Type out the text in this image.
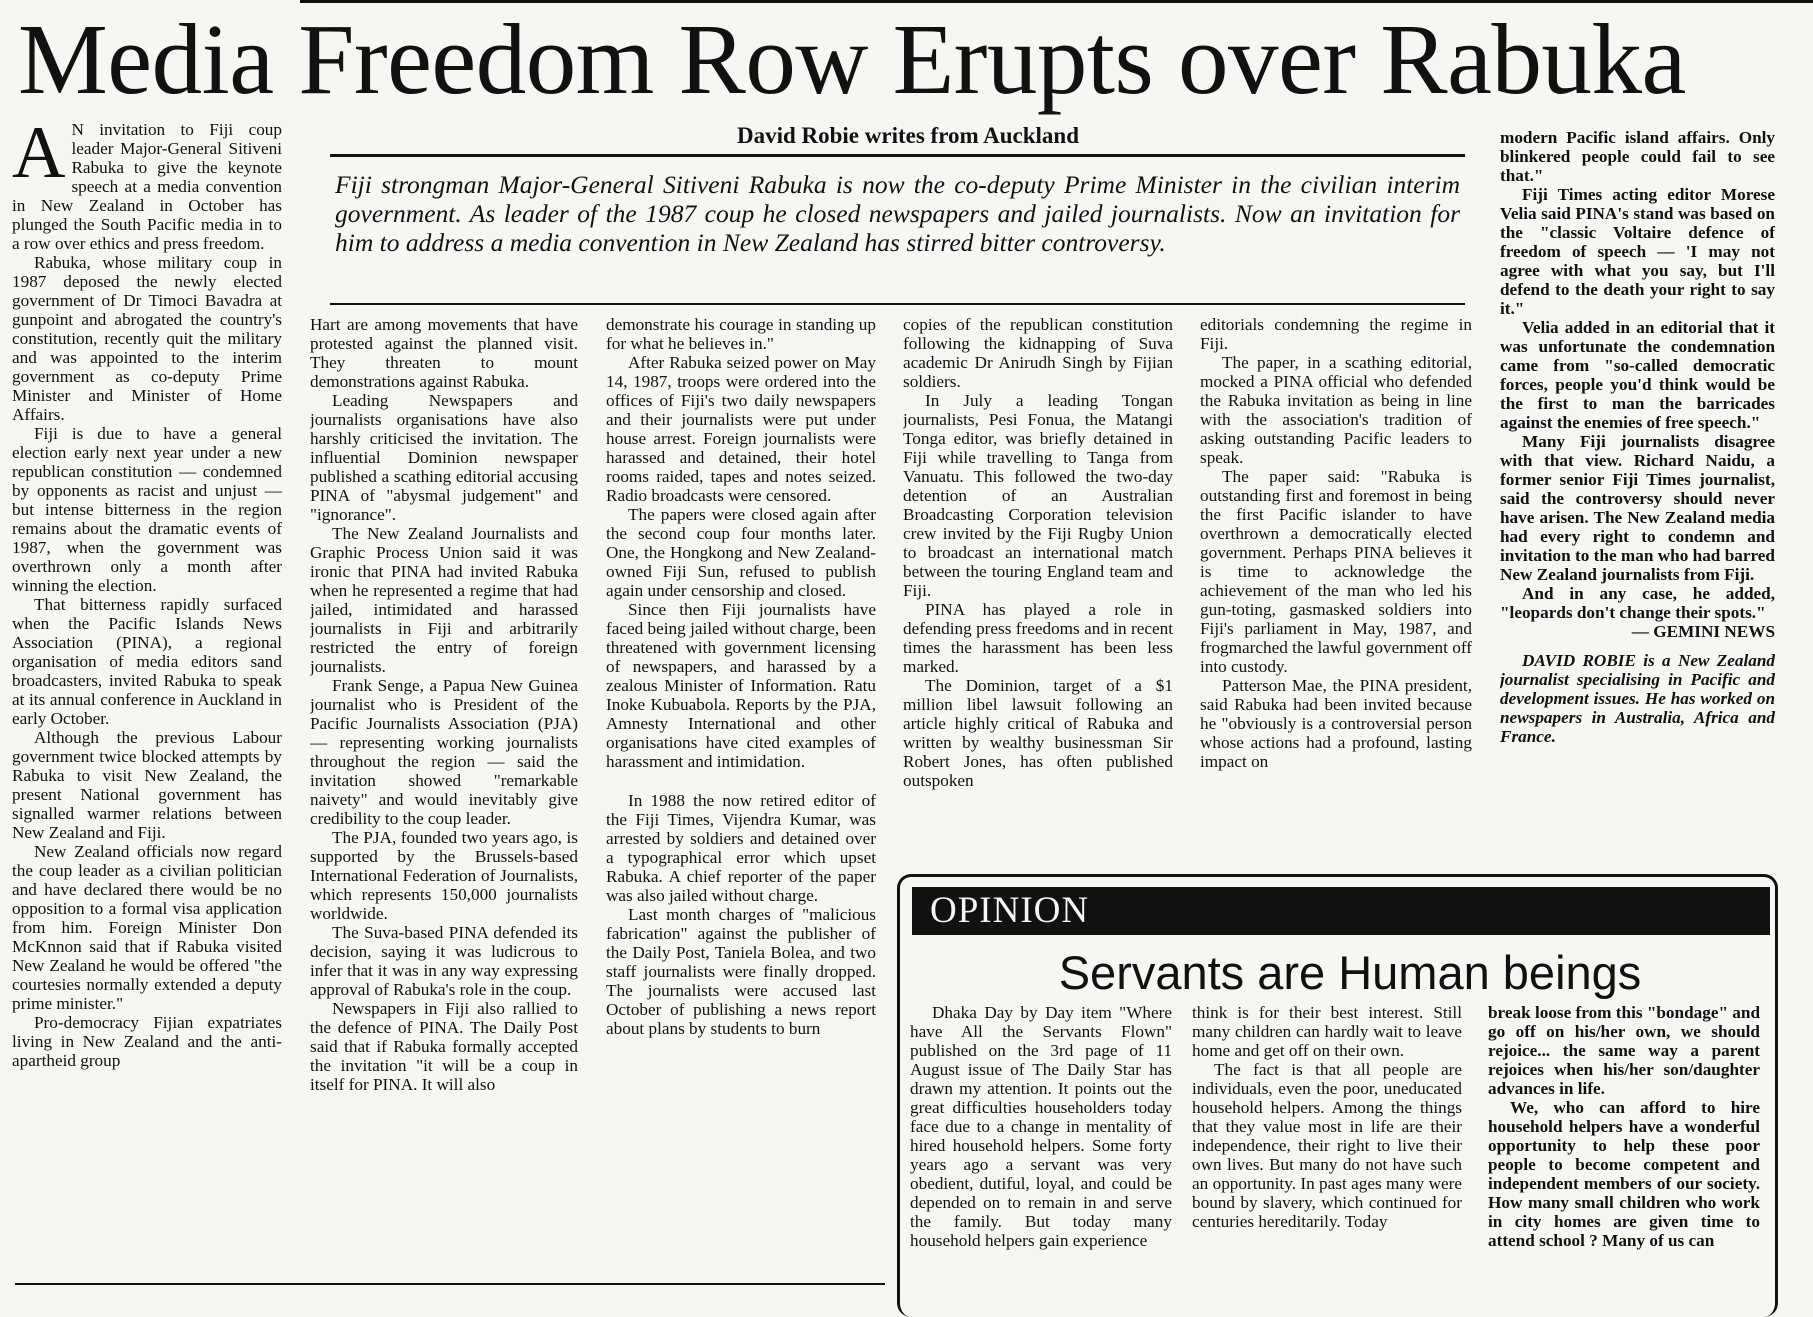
Media Freedom Row Erupts over Rabuka
David Robie writes from Auckland
Fiji strongman Major-General Sitiveni Rabuka is now the co-deputy Prime Minister in the civilian interim government. As leader of the 1987 coup he closed newspapers and jailed journalists. Now an invitation for him to address a media convention in New Zealand has stirred bitter controversy.
A N invitation to Fiji coup leader Major-General Sitiveni Rabuka to give the keynote speech at a media convention in New Zealand in October has plunged the South Pacific media in to a row over ethics and press freedom.

Rabuka, whose military coup in 1987 deposed the newly elected government of Dr Timoci Bavadra at gunpoint and abrogated the country's constitution, recently quit the military and was appointed to the interim government as co-deputy Prime Minister and Minister of Home Affairs.

Fiji is due to have a general election early next year under a new republican constitution — condemned by opponents as racist and unjust — but intense bitterness in the region remains about the dramatic events of 1987, when the government was overthrown only a month after winning the election.

That bitterness rapidly surfaced when the Pacific Islands News Association (PINA), a regional organisation of media editors sand broadcasters, invited Rabuka to speak at its annual conference in Auckland in early October.

Although the previous Labour government twice blocked attempts by Rabuka to visit New Zealand, the present National government has signalled warmer relations between New Zealand and Fiji.

New Zealand officials now regard the coup leader as a civilian politician and have declared there would be no opposition to a formal visa application from him. Foreign Minister Don McKnnon said that if Rabuka visited New Zealand he would be offered "the courtesies normally extended a deputy prime minister."

Pro-democracy Fijian expatriates living in New Zealand and the anti-apartheid group

Hart are among movements that have protested against the planned visit. They threaten to mount demonstrations against Rabuka.

Leading Newspapers and journalists organisations have also harshly criticised the invitation. The influential Dominion newspaper published a scathing editorial accusing PINA of "abysmal judgement" and "ignorance".

The New Zealand Journalists and Graphic Process Union said it was ironic that PINA had invited Rabuka when he represented a regime that had jailed, intimidated and harassed journalists in Fiji and arbitrarily restricted the entry of foreign journalists.

Frank Senge, a Papua New Guinea journalist who is President of the Pacific Journalists Association (PJA) — representing working journalists throughout the region — said the invitation showed "remarkable naivety" and would inevitably give credibility to the coup leader.

The PJA, founded two years ago, is supported by the Brussels-based International Federation of Journalists, which represents 150,000 journalists worldwide.

The Suva-based PINA defended its decision, saying it was ludicrous to infer that it was in any way expressing approval of Rabuka's role in the coup.

Newspapers in Fiji also rallied to the defence of PINA. The Daily Post said that if Rabuka formally accepted the invitation "it will be a coup in itself for PINA. It will also

demonstrate his courage in standing up for what he believes in."

After Rabuka seized power on May 14, 1987, troops were ordered into the offices of Fiji's two daily newspapers and their journalists were put under house arrest. Foreign journalists were harassed and detained, their hotel rooms raided, tapes and notes seized. Radio broadcasts were censored.

The papers were closed again after the second coup four months later. One, the Hongkong and New Zealand-owned Fiji Sun, refused to publish again under censorship and closed.

Since then Fiji journalists have faced being jailed without charge, been threatened with government licensing of newspapers, and harassed by a zealous Minister of Information. Ratu Inoke Kubuabola. Reports by the PJA, Amnesty International and other organisations have cited examples of harassment and intimidation.

In 1988 the now retired editor of the Fiji Times, Vijendra Kumar, was arrested by soldiers and detained over a typographical error which upset Rabuka. A chief reporter of the paper was also jailed without charge.

Last month charges of "malicious fabrication" against the publisher of the Daily Post, Taniela Bolea, and two staff journalists were finally dropped. The journalists were accused last October of publishing a news report about plans by students to burn

copies of the republican constitution following the kidnapping of Suva academic Dr Anirudh Singh by Fijian soldiers.

In July a leading Tongan journalists, Pesi Fonua, the Matangi Tonga editor, was briefly detained in Fiji while travelling to Tanga from Vanuatu. This followed the two-day detention of an Australian Broadcasting Corporation television crew invited by the Fiji Rugby Union to broadcast an international match between the touring England team and Fiji.

PINA has played a role in defending press freedoms and in recent times the harassment has been less marked.

The Dominion, target of a $1 million libel lawsuit following an article highly critical of Rabuka and written by wealthy businessman Sir Robert Jones, has often published outspoken

editorials condemning the regime in Fiji.

The paper, in a scathing editorial, mocked a PINA official who defended the Rabuka invitation as being in line with the association's tradition of asking outstanding Pacific leaders to speak.

The paper said: "Rabuka is outstanding first and foremost in being the first Pacific islander to have overthrown a democratically elected government. Perhaps PINA believes it is time to acknowledge the achievement of the man who led his gun-toting, gasmasked soldiers into Fiji's parliament in May, 1987, and frogmarched the lawful government off into custody.

Patterson Mae, the PINA president, said Rabuka had been invited because he "obviously is a controversial person whose actions had a profound, lasting impact on

modern Pacific island affairs. Only blinkered people could fail to see that."

Fiji Times acting editor Morese Velia said PINA's stand was based on the "classic Voltaire defence of freedom of speech — 'I may not agree with what you say, but I'll defend to the death your right to say it."

Velia added in an editorial that it was unfortunate the condemnation came from "so-called democratic forces, people you'd think would be the first to man the barricades against the enemies of free speech."

Many Fiji journalists disagree with that view. Richard Naidu, a former senior Fiji Times journalist, said the controversy should never have arisen. The New Zealand media had every right to condemn and invitation to the man who had barred New Zealand journalists from Fiji.

And in any case, he added, "leopards don't change their spots."

— GEMINI NEWS

DAVID ROBIE is a New Zealand journalist specialising in Pacific and development issues. He has worked on newspapers in Australia, Africa and France.

OPINION
Servants are Human beings

Dhaka Day by Day item "Where have All the Servants Flown" published on the 3rd page of 11 August issue of The Daily Star has drawn my attention. It points out the great difficulties householders today face due to a change in mentality of hired household helpers. Some forty years ago a servant was very obedient, dutiful, loyal, and could be depended on to remain in and serve the family. But today many household helpers gain experience

think is for their best interest. Still many children can hardly wait to leave home and get off on their own.

The fact is that all people are individuals, even the poor, uneducated household helpers. Among the things that they value most in life are their independence, their right to live their own lives. But many do not have such an opportunity. In past ages many were bound by slavery, which continued for centuries hereditarily. Today

break loose from this "bondage" and go off on his/her own, we should rejoice... the same way a parent rejoices when his/her son/daughter advances in life.

We, who can afford to hire household helpers have a wonderful opportunity to help these poor people to become competent and independent members of our society. How many small children who work in city homes are given time to attend school ? Many of us can
